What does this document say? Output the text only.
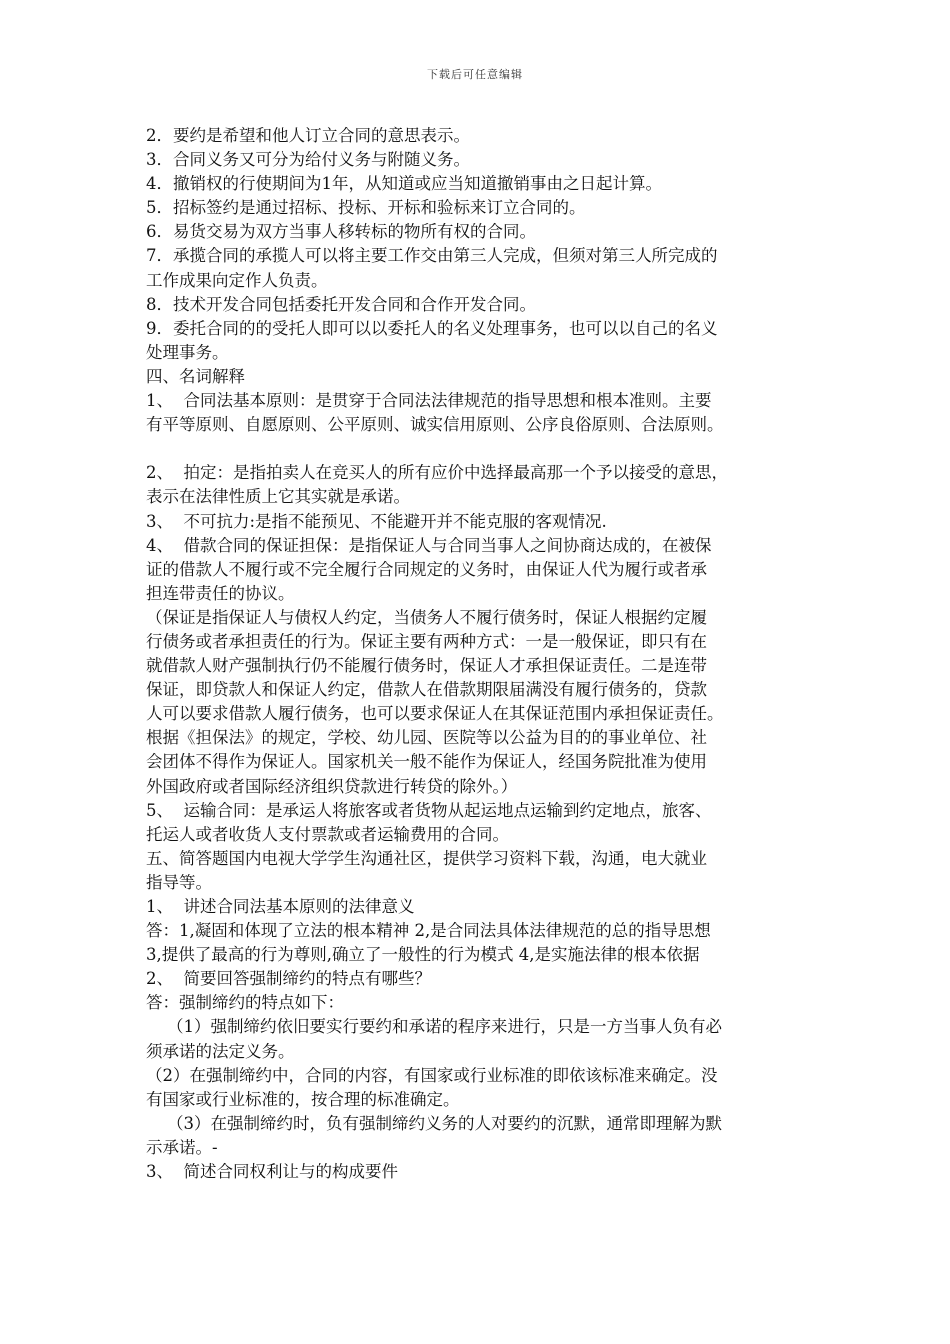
下载后可任意编辑
2．要约是希望和他人订立合同的意思表示。
3．合同义务又可分为给付义务与附随义务。
4．撤销权的行使期间为1年，从知道或应当知道撤销事由之日起计算。
5．招标签约是通过招标、投标、开标和验标来订立合同的。
6．易货交易为双方当事人移转标的物所有权的合同。
7．承揽合同的承揽人可以将主要工作交由第三人完成，但须对第三人所完成的
工作成果向定作人负责。
8．技术开发合同包括委托开发合同和合作开发合同。
9．委托合同的的受托人即可以以委托人的名义处理事务，也可以以自己的名义
处理事务。
四、名词解释
1、  合同法基本原则：是贯穿于合同法法律规范的指导思想和根本准则。主要
有平等原则、自愿原则、公平原则、诚实信用原则、公序良俗原则、合法原则。
2、  拍定：是指拍卖人在竞买人的所有应价中选择最高那一个予以接受的意思，
表示在法律性质上它其实就是承诺。
3、  不可抗力:是指不能预见、不能避开并不能克服的客观情况.
4、  借款合同的保证担保：是指保证人与合同当事人之间协商达成的，在被保
证的借款人不履行或不完全履行合同规定的义务时，由保证人代为履行或者承
担连带责任的协议。
（保证是指保证人与债权人约定，当债务人不履行债务时，保证人根据约定履
行债务或者承担责任的行为。保证主要有两种方式：一是一般保证，即只有在
就借款人财产强制执行仍不能履行债务时，保证人才承担保证责任。二是连带
保证，即贷款人和保证人约定，借款人在借款期限届满没有履行债务的，贷款
人可以要求借款人履行债务，也可以要求保证人在其保证范围内承担保证责任。
根据《担保法》的规定，学校、幼儿园、医院等以公益为目的的事业单位、社
会团体不得作为保证人。国家机关一般不能作为保证人，经国务院批准为使用
外国政府或者国际经济组织贷款进行转贷的除外。）
5、  运输合同：是承运人将旅客或者货物从起运地点运输到约定地点，旅客、
托运人或者收货人支付票款或者运输费用的合同。
五、简答题国内电视大学学生沟通社区，提供学习资料下载，沟通，电大就业
指导等。
1、  讲述合同法基本原则的法律意义
答：1,凝固和体现了立法的根本精神 2,是合同法具体法律规范的总的指导思想
3,提供了最高的行为尊则,确立了一般性的行为模式 4,是实施法律的根本依据
2、  简要回答强制缔约的特点有哪些？
答：强制缔约的特点如下：
（1）强制缔约依旧要实行要约和承诺的程序来进行，只是一方当事人负有必
须承诺的法定义务。
（2）在强制缔约中，合同的内容，有国家或行业标准的即依该标准来确定。没
有国家或行业标准的，按合理的标准确定。
（3）在强制缔约时，负有强制缔约义务的人对要约的沉默，通常即理解为默
示承诺。-
3、  简述合同权利让与的构成要件
